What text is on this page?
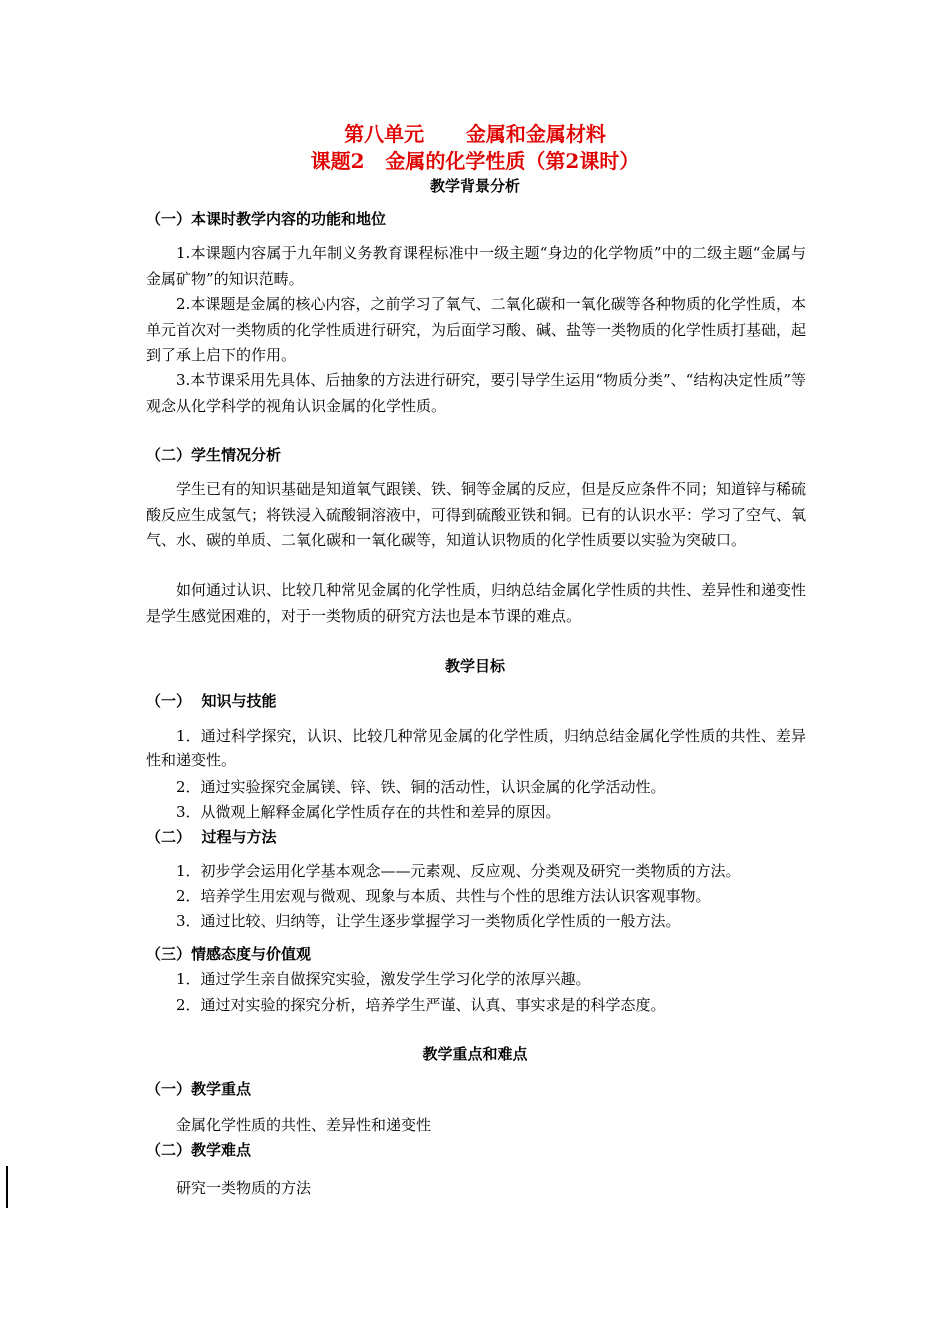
第八单元      金属和金属材料
课题2   金属的化学性质（第2课时）
教学背景分析
（一）本课时教学内容的功能和地位
1.本课题内容属于九年制义务教育课程标准中一级主题“身边的化学物质”中的二级主题“金属与金属矿物”的知识范畴。
2.本课题是金属的核心内容，之前学习了氧气、二氧化碳和一氧化碳等各种物质的化学性质，本单元首次对一类物质的化学性质进行研究，为后面学习酸、碱、盐等一类物质的化学性质打基础，起到了承上启下的作用。
3.本节课采用先具体、后抽象的方法进行研究，要引导学生运用“物质分类”、“结构决定性质”等观念从化学科学的视角认识金属的化学性质。
（二）学生情况分析
学生已有的知识基础是知道氧气跟镁、铁、铜等金属的反应，但是反应条件不同；知道锌与稀硫酸反应生成氢气；将铁浸入硫酸铜溶液中，可得到硫酸亚铁和铜。已有的认识水平：学习了空气、氧气、水、碳的单质、二氧化碳和一氧化碳等，知道认识物质的化学性质要以实验为突破口。
如何通过认识、比较几种常见金属的化学性质，归纳总结金属化学性质的共性、差异性和递变性是学生感觉困难的，对于一类物质的研究方法也是本节课的难点。
教学目标
（一）  知识与技能
1．通过科学探究，认识、比较几种常见金属的化学性质，归纳总结金属化学性质的共性、差异性和递变性。
2．通过实验探究金属镁、锌、铁、铜的活动性，认识金属的化学活动性。
3．从微观上解释金属化学性质存在的共性和差异的原因。
（二）  过程与方法
1．初步学会运用化学基本观念——元素观、反应观、分类观及研究一类物质的方法。
2．培养学生用宏观与微观、现象与本质、共性与个性的思维方法认识客观事物。
3．通过比较、归纳等，让学生逐步掌握学习一类物质化学性质的一般方法。
（三）情感态度与价值观
1．通过学生亲自做探究实验，激发学生学习化学的浓厚兴趣。
2．通过对实验的探究分析，培养学生严谨、认真、事实求是的科学态度。
教学重点和难点
（一）教学重点
金属化学性质的共性、差异性和递变性
（二）教学难点
研究一类物质的方法
